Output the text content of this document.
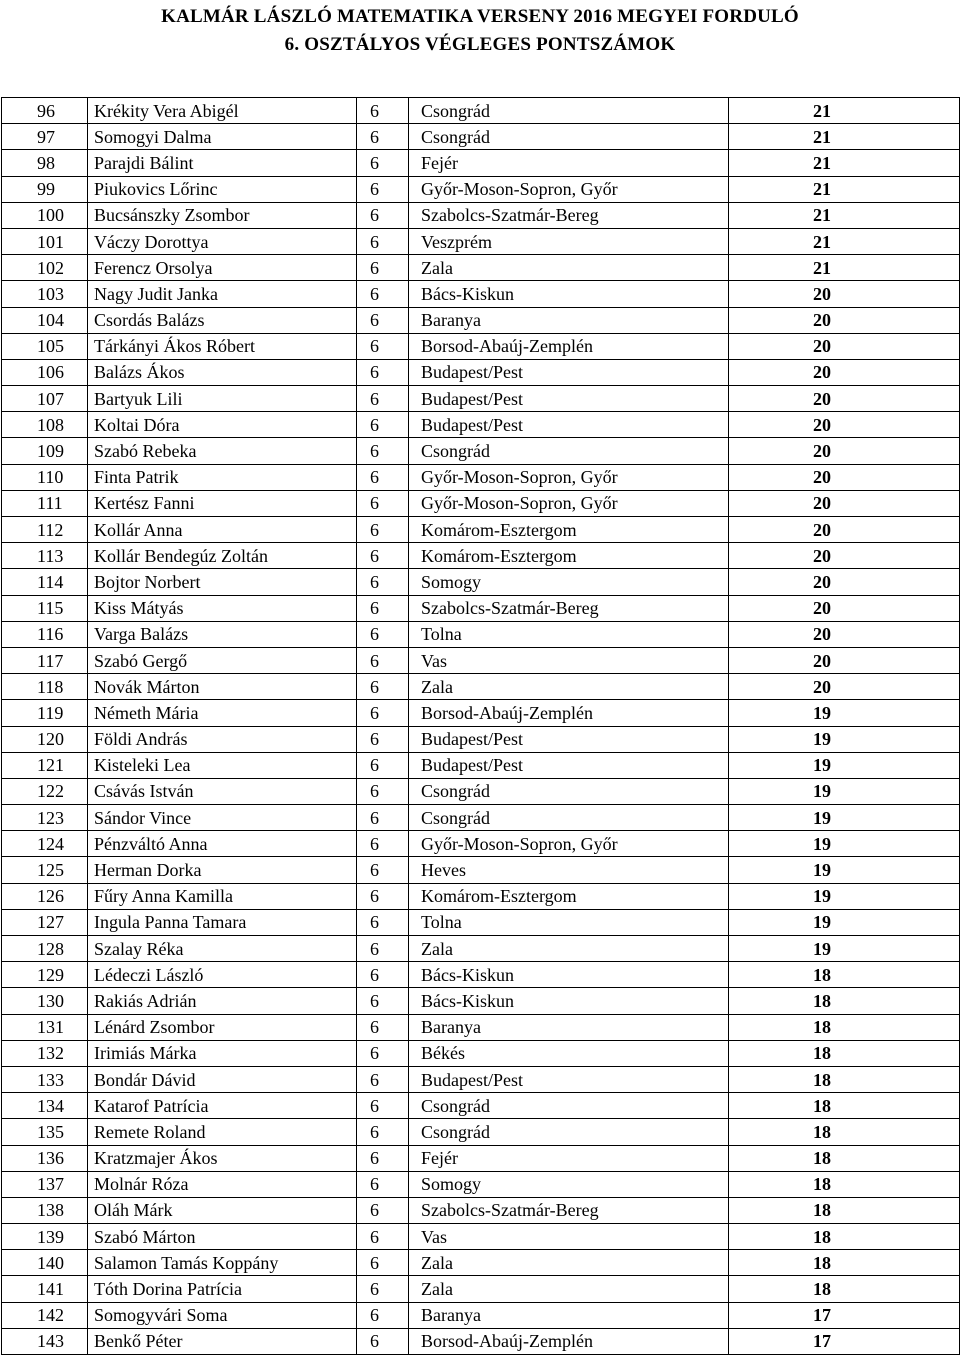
KALMÁR LÁSZLÓ MATEMATIKA VERSENY 2016 MEGYEI FORDULÓ
6. OSZTÁLYOS VÉGLEGES PONTSZÁMOK
96	Krékity Vera Abigél	6	Csongrád	21
97	Somogyi Dalma	6	Csongrád	21
98	Parajdi Bálint	6	Fejér	21
99	Piukovics Lőrinc	6	Győr-Moson-Sopron, Győr	21
100	Bucsánszky Zsombor	6	Szabolcs-Szatmár-Bereg	21
101	Váczy Dorottya	6	Veszprém	21
102	Ferencz Orsolya	6	Zala	21
103	Nagy Judit Janka	6	Bács-Kiskun	20
104	Csordás Balázs	6	Baranya	20
105	Tárkányi Ákos Róbert	6	Borsod-Abaúj-Zemplén	20
106	Balázs Ákos	6	Budapest/Pest	20
107	Bartyuk Lili	6	Budapest/Pest	20
108	Koltai Dóra	6	Budapest/Pest	20
109	Szabó Rebeka	6	Csongrád	20
110	Finta Patrik	6	Győr-Moson-Sopron, Győr	20
111	Kertész Fanni	6	Győr-Moson-Sopron, Győr	20
112	Kollár Anna	6	Komárom-Esztergom	20
113	Kollár Bendegúz Zoltán	6	Komárom-Esztergom	20
114	Bojtor Norbert	6	Somogy	20
115	Kiss Mátyás	6	Szabolcs-Szatmár-Bereg	20
116	Varga Balázs	6	Tolna	20
117	Szabó Gergő	6	Vas	20
118	Novák Márton	6	Zala	20
119	Németh Mária	6	Borsod-Abaúj-Zemplén	19
120	Földi András	6	Budapest/Pest	19
121	Kisteleki Lea	6	Budapest/Pest	19
122	Csávás István	6	Csongrád	19
123	Sándor Vince	6	Csongrád	19
124	Pénzváltó Anna	6	Győr-Moson-Sopron, Győr	19
125	Herman Dorka	6	Heves	19
126	Fűry Anna Kamilla	6	Komárom-Esztergom	19
127	Ingula Panna Tamara	6	Tolna	19
128	Szalay Réka	6	Zala	19
129	Lédeczi László	6	Bács-Kiskun	18
130	Rakiás Adrián	6	Bács-Kiskun	18
131	Lénárd Zsombor	6	Baranya	18
132	Irimiás Márka	6	Békés	18
133	Bondár Dávid	6	Budapest/Pest	18
134	Katarof Patrícia	6	Csongrád	18
135	Remete Roland	6	Csongrád	18
136	Kratzmajer Ákos	6	Fejér	18
137	Molnár Róza	6	Somogy	18
138	Oláh Márk	6	Szabolcs-Szatmár-Bereg	18
139	Szabó Márton	6	Vas	18
140	Salamon Tamás Koppány	6	Zala	18
141	Tóth Dorina Patrícia	6	Zala	18
142	Somogyvári Soma	6	Baranya	17
143	Benkő Péter	6	Borsod-Abaúj-Zemplén	17
